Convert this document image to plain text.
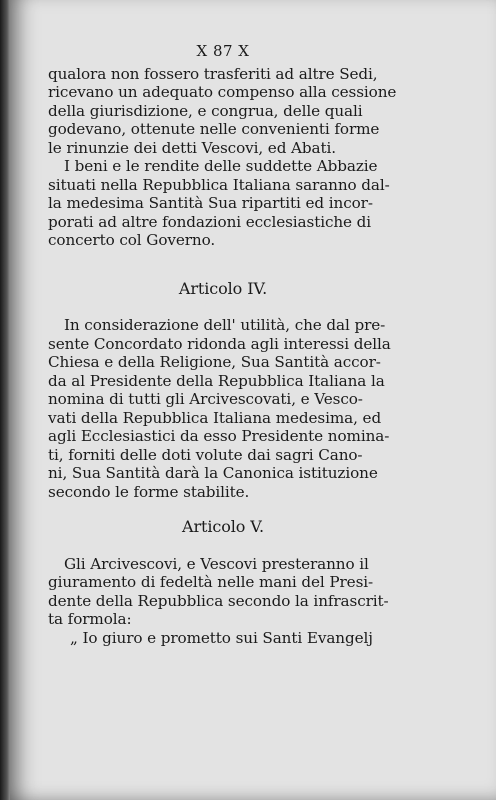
X 87 X

qualora non fossero trasferiti ad altre Sedi,
ricevano un adequato compenso alla cessione
della giurisdizione, e congrua, delle quali
godevano, ottenute nelle convenienti forme
le rinunzie dei detti Vescovi, ed Abati.

I beni e le rendite delle suddette Abbazie
situati nella Repubblica Italiana saranno dal-
la medesima Santità Sua ripartiti ed incor-
porati ad altre fondazioni ecclesiastiche di
concerto col Governo.

Articolo IV.

In considerazione dell' utilità, che dal pre-
sente Concordato ridonda agli interessi della
Chiesa e della Religione, Sua Santità accor-
da al Presidente della Repubblica Italiana la
nomina di tutti gli Arcivescovati, e Vesco-
vati della Repubblica Italiana medesima, ed
agli Ecclesiastici da esso Presidente nomina-
ti, forniti delle doti volute dai sagri Cano-
ni, Sua Santità darà la Canonica istituzione
secondo le forme stabilite.

Articolo V.

Gli Arcivescovi, e Vescovi presteranno il
giuramento di fedeltà nelle mani del Presi-
dente della Repubblica secondo la infrascrit-
ta formola:

„ Io giuro e prometto sui Santi Evangelj
